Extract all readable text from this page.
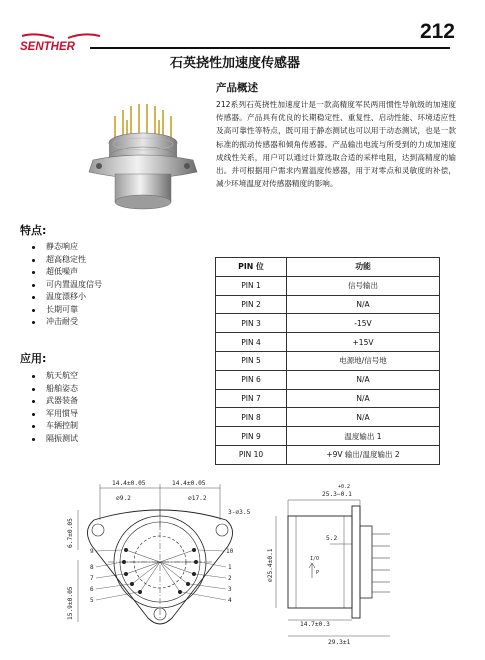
SENTHER
212
石英挠性加速度传感器
产品概述
212系列石英挠性加速度计是一款高精度军民两用惯性导航级的加速度传感器。产品具有优良的长期稳定性、重复性、启动性能、环境适应性及高可靠性等特点，既可用于静态测试也可以用于动态测试，也是一款标准的振动传感器和倾角传感器。产品输出电流与所受到的力成加速度成线性关系，用户可以通过计算选取合适的采样电阻，达到高精度的输出。并可根据用户需求内置温度传感器，用于对零点和灵敏度的补偿，减少环境温度对传感器精度的影响。
特点:
静态响应
超高稳定性
超低噪声
可内置温度信号
温度漂移小
长期可靠
冲击耐受
应用:
航天航空
船舶姿态
武器装备
军用惯导
车辆控制
隔振测试
PIN 位	功能
PIN 1	信号输出
PIN 2	N/A
PIN 3	-15V
PIN 4	+15V
PIN 5	电源地/信号地
PIN 6	N/A
PIN 7	N/A
PIN 8	N/A
PIN 9	温度输出 1
PIN 10	+9V 输出/温度输出 2
14.4±0.05	14.4±0.05
⌀9.2	⌀17.2
3-⌀3.5
6.7±0.05
15.9±0.05
9
8
7
6
5
10
1
2
3
4
+0.2
25.3−0.1
⌀25.4±0.1
5.2
I/O
P
14.7±0.3
29.3±1
